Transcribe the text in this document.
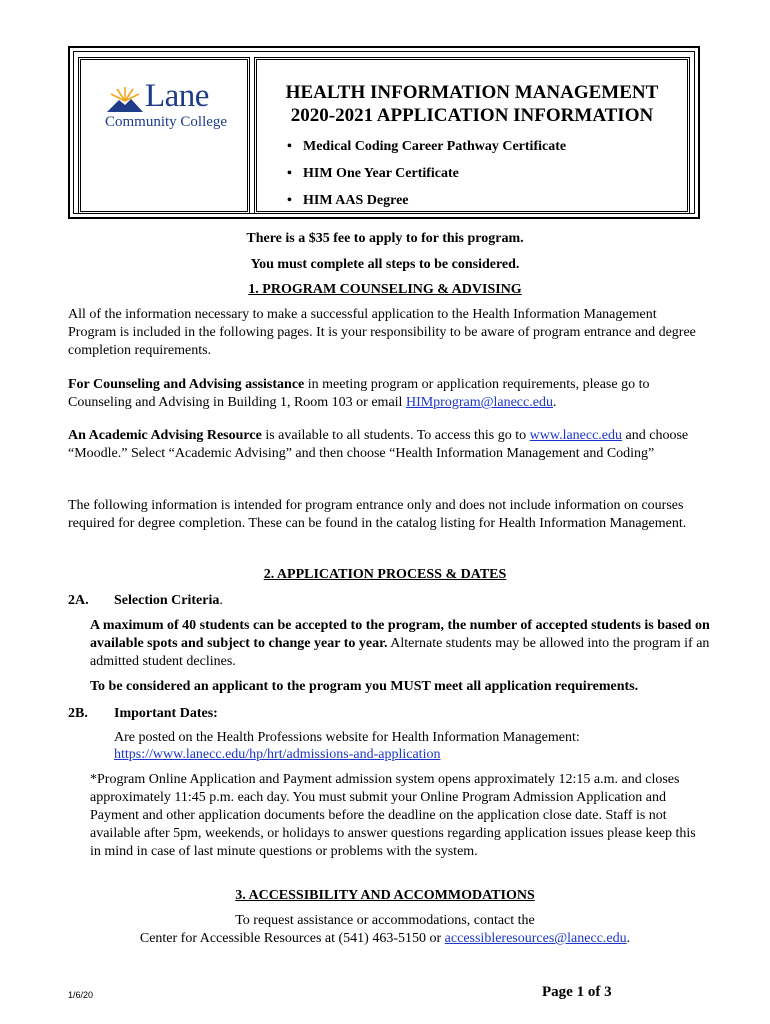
Lane
Community College
HEALTH INFORMATION MANAGEMENT
2020-2021 APPLICATION INFORMATION
• Medical Coding Career Pathway Certificate
• HIM One Year Certificate
• HIM AAS Degree
There is a $35 fee to apply to for this program.
You must complete all steps to be considered.
1. PROGRAM COUNSELING & ADVISING
All of the information necessary to make a successful application to the Health Information Management Program is included in the following pages. It is your responsibility to be aware of program entrance and degree completion requirements.
For Counseling and Advising assistance in meeting program or application requirements, please go to Counseling and Advising in Building 1, Room 103 or email HIMprogram@lanecc.edu.
An Academic Advising Resource is available to all students. To access this go to www.lanecc.edu and choose “Moodle.” Select “Academic Advising” and then choose “Health Information Management and Coding”
The following information is intended for program entrance only and does not include information on courses required for degree completion. These can be found in the catalog listing for Health Information Management.
2. APPLICATION PROCESS & DATES
2A. Selection Criteria.
A maximum of 40 students can be accepted to the program, the number of accepted students is based on available spots and subject to change year to year. Alternate students may be allowed into the program if an admitted student declines.
To be considered an applicant to the program you MUST meet all application requirements.
2B. Important Dates:
Are posted on the Health Professions website for Health Information Management:
https://www.lanecc.edu/hp/hrt/admissions-and-application
*Program Online Application and Payment admission system opens approximately 12:15 a.m. and closes approximately 11:45 p.m. each day. You must submit your Online Program Admission Application and Payment and other application documents before the deadline on the application close date. Staff is not available after 5pm, weekends, or holidays to answer questions regarding application issues please keep this in mind in case of last minute questions or problems with the system.
3. ACCESSIBILITY AND ACCOMMODATIONS
To request assistance or accommodations, contact the
Center for Accessible Resources at (541) 463-5150 or accessibleresources@lanecc.edu.
1/6/20	Page 1 of 3
